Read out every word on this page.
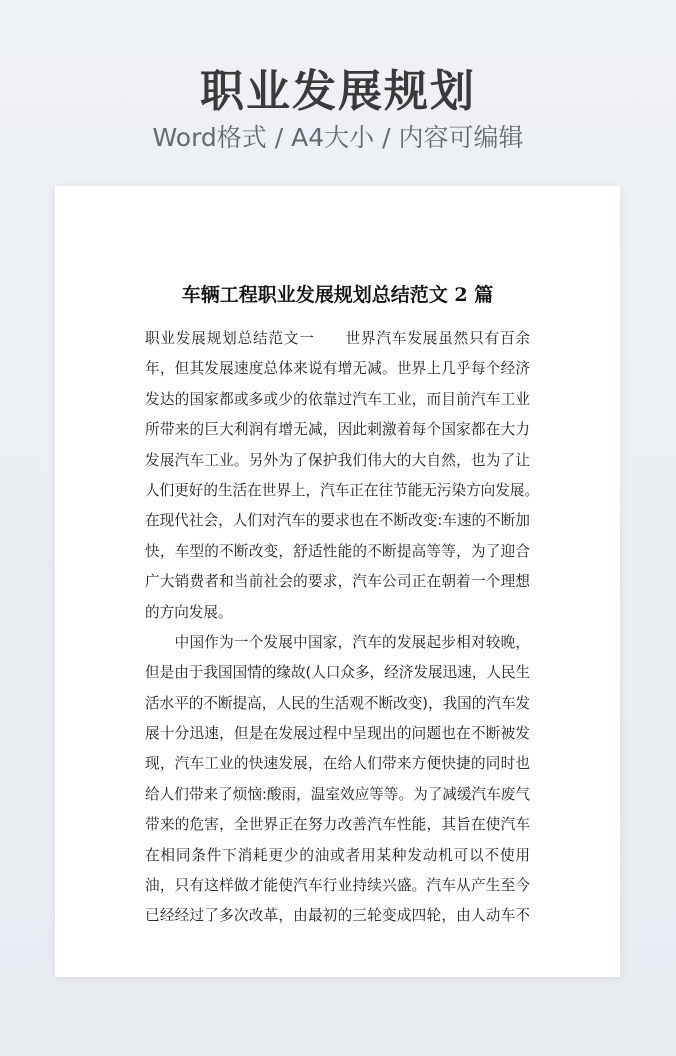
职业发展规划
Word格式 / A4大小 / 内容可编辑
车辆工程职业发展规划总结范文 2 篇
职业发展规划总结范文一　　世界汽车发展虽然只有百余
年，但其发展速度总体来说有增无减。世界上几乎每个经济
发达的国家都或多或少的依靠过汽车工业，而目前汽车工业
所带来的巨大利润有增无减，因此刺激着每个国家都在大力
发展汽车工业。另外为了保护我们伟大的大自然，也为了让
人们更好的生活在世界上，汽车正在往节能无污染方向发展。
在现代社会，人们对汽车的要求也在不断改变:车速的不断加
快，车型的不断改变，舒适性能的不断提高等等，为了迎合
广大销费者和当前社会的要求，汽车公司正在朝着一个理想
的方向发展。
　　中国作为一个发展中国家，汽车的发展起步相对较晚，
但是由于我国国情的缘故(人口众多，经济发展迅速，人民生
活水平的不断提高，人民的生活观不断改变)，我国的汽车发
展十分迅速，但是在发展过程中呈现出的问题也在不断被发
现，汽车工业的快速发展，在给人们带来方便快捷的同时也
给人们带来了烦恼:酸雨，温室效应等等。为了减缓汽车废气
带来的危害，全世界正在努力改善汽车性能，其旨在使汽车
在相同条件下消耗更少的油或者用某种发动机可以不使用
油，只有这样做才能使汽车行业持续兴盛。汽车从产生至今
已经经过了多次改革，由最初的三轮变成四轮，由人动车不
